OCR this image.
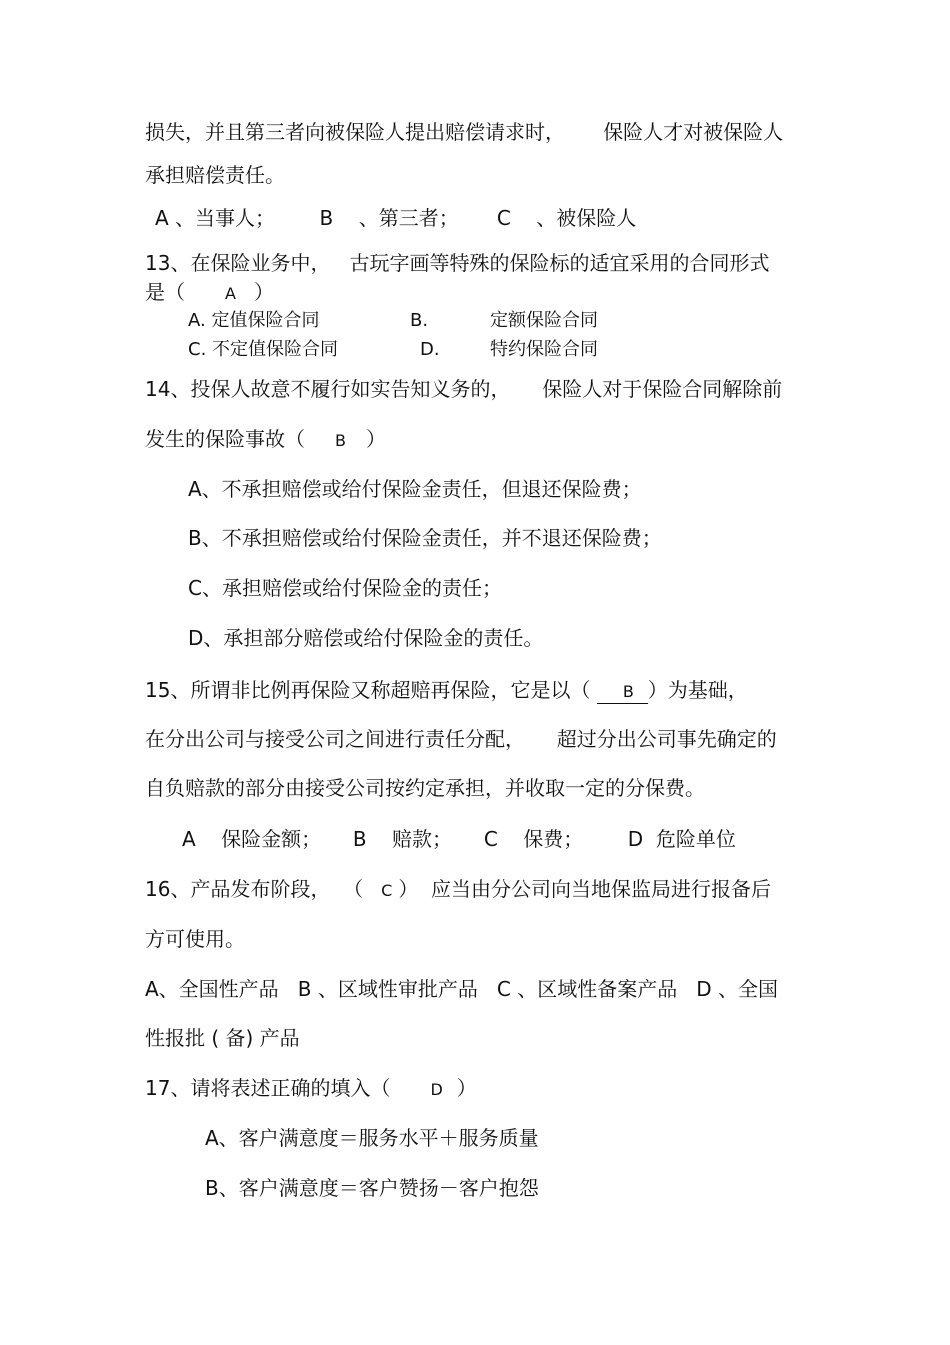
损失，并且第三者向被保险人提出赔偿请求时，      保险人才对被保险人
承担赔偿责任。
A 、当事人；       B    、第三者；      C    、被保险人
13、在保险业务中，   古玩字画等特殊的保险标的适宜采用的合同形式
是（	A ）
A. 定值保险合同	B.	定额保险合同
C. 不定值保险合同	D.	特约保险合同
14、投保人故意不履行如实告知义务的，     保险人对于保险合同解除前
发生的保险事故（ B ）
A、不承担赔偿或给付保险金责任，但退还保险费；
B、不承担赔偿或给付保险金责任，并不退还保险费；
C、承担赔偿或给付保险金的责任；
D、承担部分赔偿或给付保险金的责任。
15、所谓非比例再保险又称超赔再保险，它是以（ B ）为基础，
在分出公司与接受公司之间进行责任分配，     超过分出公司事先确定的
自负赔款的部分由接受公司按约定承担，并收取一定的分保费。
A    保险金额；     B    赔款；     C    保费；       D  危险单位
16、产品发布阶段，  （ C ）  应当由分公司向当地保监局进行报备后
方可使用。
A、全国性产品   B 、区域性审批产品   C 、区域性备案产品   D 、全国
性报批 ( 备) 产品
17、请将表述正确的填入（	D ）
A、客户满意度＝服务水平＋服务质量
B、客户满意度＝客户赞扬－客户抱怨
